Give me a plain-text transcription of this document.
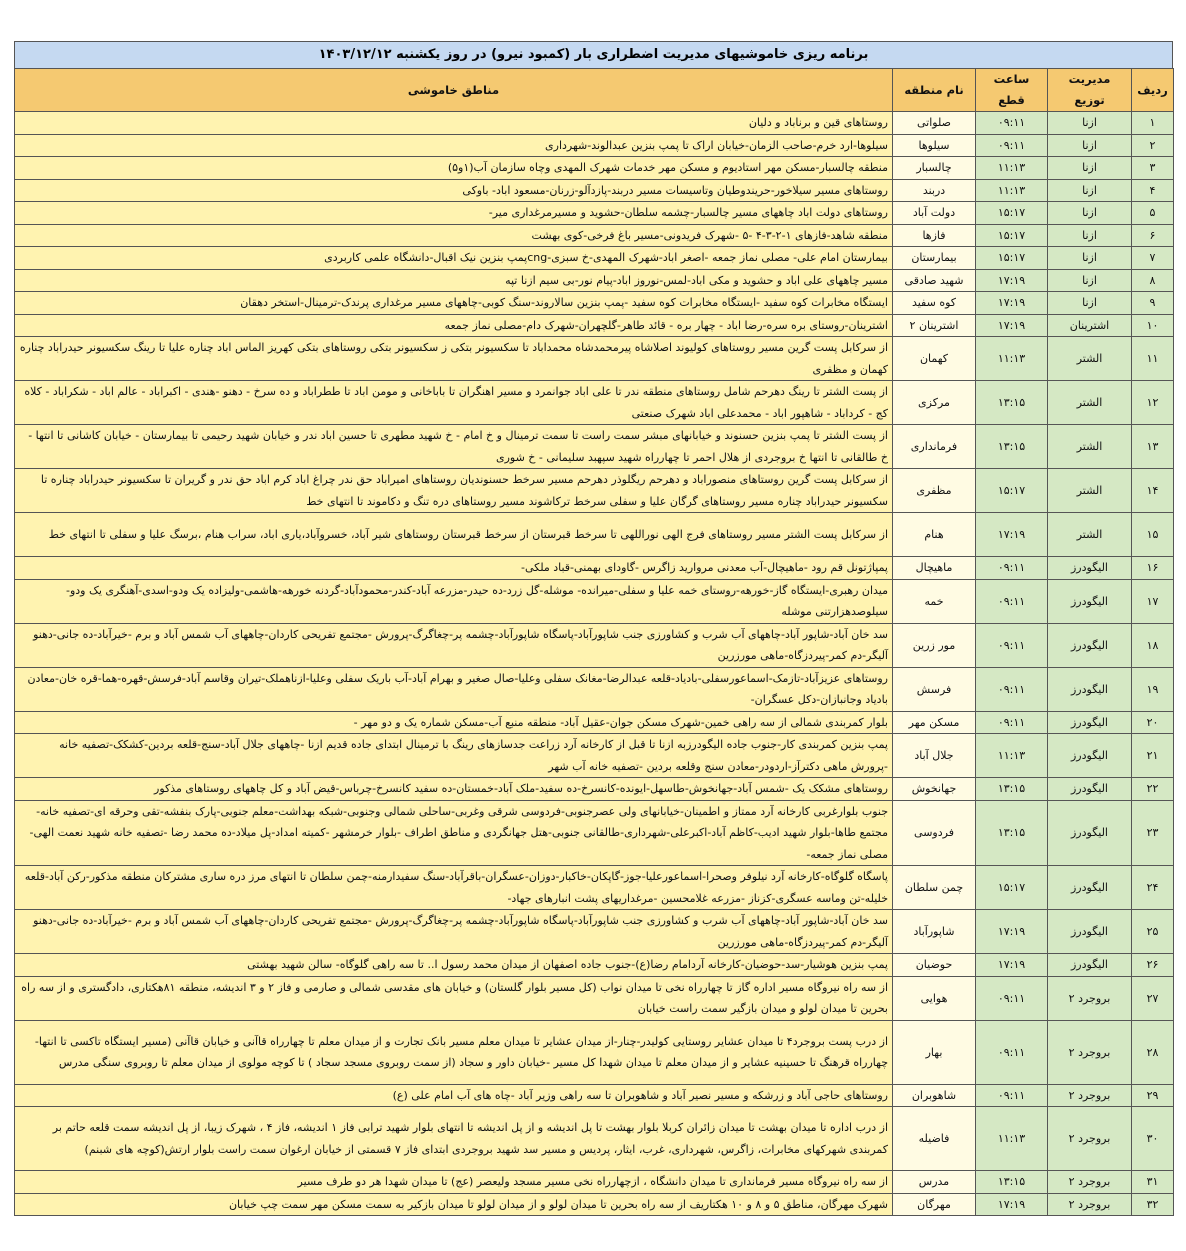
برنامه ریزی خاموشیهای مدیریت اضطراری بار (کمبود نیرو) در روز یکشنبه ۱۴۰۳/۱۲/۱۲
ردیف	مدیریت توزیع	ساعت قطع	نام منطقه	مناطق خاموشی
۱	ازنا	۰۹:۱۱	صلواتی	روستاهای قین و برناباد و دلیان
۲	ازنا	۰۹:۱۱	سیلوها	سیلوها-ارد خرم-صاحب الزمان-خیابان اراک تا پمپ بنزین عبدالوند-شهرداری
۳	ازنا	۱۱:۱۳	چالسبار	منطقه چالسبار-مسکن مهر استادیوم و مسکن مهر خدمات شهرک المهدی وچاه سازمان آب(۱و۵)
۴	ازنا	۱۱:۱۳	دربند	روستاهای مسیر سیلاخور-حریندوطیان وتاسیسات مسیر دربند-پازدآلو-زرنان-مسعود اباد- باوکی
۵	ازنا	۱۵:۱۷	دولت آباد	روستاهای دولت اباد چاههای مسیر چالسبار-چشمه سلطان-حشوید و مسیرمرغداری میر-
۶	ازنا	۱۵:۱۷	فازها	منطقه شاهد-فازهای ۱-۲-۳-۴ -۵ -شهرک فریدونی-مسیر باغ فرخی-کوی بهشت
۷	ازنا	۱۵:۱۷	بیمارستان	بیمارستان امام علی- مصلی نماز جمعه -اصغر اباد-شهرک المهدی-خ سبزی-cngپمپ بنزین نیک اقبال-دانشگاه علمی کاربردی
۸	ازنا	۱۷:۱۹	شهید صادقی	مسیر چاههای علی اباد و حشوید و مکی اباد-لمس-نوروز اباد-پیام نور-بی سیم ازنا تپه
۹	ازنا	۱۷:۱۹	کوه سفید	ایستگاه مخابرات کوه سفید -ایستگاه مخابرات کوه سفید -پمپ بنزین سالاروند-سنگ کوبی-چاههای مسیر مرغداری پرندک-ترمینال-استخر دهقان
۱۰	اشترینان	۱۷:۱۹	اشترینان ۲	اشترینان-روستای بره سره-رضا اباد - چهار بره - قائد طاهر-گلچهران-شهرک دام-مصلی نماز جمعه
۱۱	الشتر	۱۱:۱۳	کهمان	از سرکابل پست گرین مسیر روستاهای کولیوند اصلاشاه پیرمحمدشاه محمداباد تا سکسیونر بتکی ز سکسیونر بتکی روستاهای بتکی کهریز الماس اباد چناره علیا تا رینگ سکسیونر حیدراباد چناره کهمان و مظفری
۱۲	الشتر	۱۳:۱۵	مرکزی	از پست الشتر تا رینگ دهرحم شامل روستاهای منطقه ندر تا علی اباد جوانمرد و مسیر اهنگران تا باباخانی و مومن اباد تا ططراباد و ده سرخ - دهنو -هندی - اکبراباد - عالم اباد - شکراباد - کلاه کج - کرداباد - شاهپور اباد - محمدعلی اباد شهرک صنعتی
۱۳	الشتر	۱۳:۱۵	فرمانداری	از پست الشتر تا پمپ بنزین حسنوند و خیابانهای مبشر سمت راست تا سمت ترمینال و خ امام - خ شهید مطهری تا حسین اباد ندر و خیابان شهید رحیمی تا بیمارستان - خیابان کاشانی تا انتها - خ طالقانی تا انتها خ بروجردی از هلال احمر تا چهارراه شهید سپهبد سلیمانی - خ شوری
۱۴	الشتر	۱۵:۱۷	مظفری	از سرکابل پست گرین روستاهای منصوراباد و دهرحم ریگلوذر دهرحم مسیر سرخط حسنوندیان روستاهای امیراباد حق ندر چراغ اباد کرم اباد حق ندر و گریران تا سکسیونر حیدراباد چناره تا سکسیونر حیدراباد چناره مسیر روستاهای گرگان علیا و سفلی سرخط ترکاشوند مسیر روستاهای دره تنگ و دکاموند تا انتهای خط
۱۵	الشتر	۱۷:۱۹	هنام	از سرکابل پست الشتر مسیر روستاهای فرج الهی نوراللهی تا سرخط قبرستان از سرخط قبرستان روستاهای شیر آباد، خسروآباد،یاری اباد، سراب هنام ،برسگ علیا و سفلی تا انتهای خط
۱۶	الیگودرز	۰۹:۱۱	ماهیچال	پمپاژتونل قم رود -ماهیچال-آب معدنی مروارید زاگرس -گاودای بهمنی-قباد ملکی-
۱۷	الیگودرز	۰۹:۱۱	خمه	میدان رهبری-ایستگاه گاز-خورهه-روستای خمه علیا و سفلی-میرانده- موشله-گل زرد-ده حیدر-مزرعه آباد-کندر-محمودآباد-گردنه خورهه-هاشمی-ولیزاده یک ودو-اسدی-آهنگری یک ودو-سیلوصدهزارتنی موشله
۱۸	الیگودرز	۰۹:۱۱	مور زرین	سد خان آباد-شاپور آباد-چاههای آب شرب و کشاورزی جنب شاپورآباد-پاسگاه شاپورآباد-چشمه پر-چغاگرگ-پرورش -مجتمع تفریحی کاردان-چاههای آب شمس آباد و برم -خیرآباد-ده جانی-دهنو آلیگر-دم کمر-پیردزگاه-ماهی مورزرین
۱۹	الیگودرز	۰۹:۱۱	فرسش	روستاهای عزیزآباد-تازمک-اسماعورسفلی-بادیاد-قلعه عبدالرضا-مغانک سفلی وعلیا-صال صغیر و بهرام آباد-آب باریک سفلی وعلیا-ازناهملک-تیران وقاسم آباد-فرسش-قهره-هما-قره خان-معادن بادیاد وجانبازان-دکل عسگران-
۲۰	الیگودرز	۰۹:۱۱	مسکن مهر	بلوار کمربندی شمالی از سه راهی خمین-شهرک مسکن جوان-عقیل آباد- منطقه منبع آب-مسکن شماره یک و دو مهر -
۲۱	الیگودرز	۱۱:۱۳	جلال آباد	پمپ بنزین کمربندی کار-جنوب جاده الیگودرزبه ازنا تا قبل از کارخانه آرد زراعت جدسازهای رینگ با ترمینال ابتدای جاده قدیم ازنا -چاههای جلال آباد-سنج-قلعه بردین-کشکک-تصفیه خانه -پرورش ماهی دکترآز-اردودر-معادن سنج وقلعه بردین -تصفیه خانه آب شهر
۲۲	الیگودرز	۱۳:۱۵	جهانخوش	روستاهای مشکک یک -شمس آباد-جهانخوش-طاسهل-ایونده-کانسرخ-ده سفید-ملک آباد-خمستان-ده سفید کانسرخ-چرباس-قیض آباد و کل چاههای روستاهای مذکور
۲۳	الیگودرز	۱۳:۱۵	فردوسی	جنوب بلوارغربی کارخانه آرد ممتاز و اطمینان-خیابانهای ولی عصرجنوبی-فردوسی شرقی وغربی-ساحلی شمالی وجنوبی-شبکه بهداشت-معلم جنوبی-پارک بنفشه-تقی وحرقه ای-تصفیه خانه- مجتمع طاها-بلوار شهید ادیب-کاظم آباد-اکبرعلی-شهرداری-طالقانی جنوبی-هتل جهانگردی و مناطق اطراف -بلوار خرمشهر -کمیته امداد-پل میلاد-ده محمد رضا -تصفیه خانه شهید نعمت الهی-مصلی نماز جمعه-
۲۴	الیگودرز	۱۵:۱۷	چمن سلطان	پاسگاه گلوگاه-کارخانه آرد نیلوفر وصحرا-اسماعورعلیا-جوز-گاپکان-خاکبار-دوزان-عسگران-باقرآباد-سنگ سفیدارمنه-چمن سلطان تا انتهای مرز دره ساری مشترکان منطقه مذکور-رکن آباد-قلعه خلیله-تن وماسه عسگری-کزناز -مزرعه غلامحسین -مرغداریهای پشت انبارهای جهاد-
۲۵	الیگودرز	۱۷:۱۹	شاپورآباد	سد خان آباد-شاپور آباد-چاههای آب شرب و کشاورزی جنب شاپورآباد-پاسگاه شاپورآباد-چشمه پر-چغاگرگ-پرورش -مجتمع تفریحی کاردان-چاههای آب شمس آباد و برم -خیرآباد-ده جانی-دهنو آلیگر-دم کمر-پیردزگاه-ماهی مورزرین
۲۶	الیگودرز	۱۷:۱۹	حوضیان	پمپ بنزین هوشیار-سد-حوضیان-کارخانه آردامام رضا(ع)-جنوب جاده اصفهان از میدان محمد رسول ا.. تا سه راهی گلوگاه- سالن شهید بهشتی
۲۷	بروجرد ۲	۰۹:۱۱	هوایی	از سه راه نیروگاه مسیر اداره گاز تا چهارراه نخی تا میدان نواب (کل مسیر بلوار گلستان) و خیابان های مقدسی شمالی و صارمی و فاز ۲ و ۳ اندیشه، منطقه ۸۱هکتاری، دادگستری و از سه راه بحرین تا میدان لولو و میدان بازگیر سمت راست خیابان
۲۸	بروجرد ۲	۰۹:۱۱	بهار	از درب پست بروجرد۴ تا میدان عشایر روستایی کولیدر-چنار-از میدان عشایر تا میدان معلم مسیر بانک تجارت و از میدان معلم تا چهارراه قاآنی و خیابان قاآنی (مسیر ایستگاه تاکسی تا انتها-چهارراه قرهنگ تا حسینیه عشایر و از میدان معلم تا میدان شهدا کل مسیر -خیابان داور و سجاد (از سمت روبروی مسجد سجاد ) تا کوچه مولوی از میدان معلم تا روبروی سنگی مدرس
۲۹	بروجرد ۲	۰۹:۱۱	شاهوبران	روستاهای حاجی آباد و زرشکه و مسیر نصیر آباد و شاهوبران تا سه راهی وزیر آباد -چاه های آب امام علی (ع)
۳۰	بروجرد ۲	۱۱:۱۳	فاضیله	از درب اداره تا میدان بهشت تا میدان زائران کربلا بلوار بهشت تا پل اندیشه و از پل اندیشه تا انتهای بلوار شهید ترابی فاز ۱ اندیشه، فاز ۴ ، شهرک زیبا، از پل اندیشه سمت قلعه حاتم بر کمربندی شهرکهای مخابرات، زاگرس، شهرداری، غرب، ایثار، پردیس و مسیر سد شهید بروجردی ابتدای فاز ۷ قسمتی از خیابان ارغوان سمت راست بلوار ارتش(کوچه های شبنم)
۳۱	بروجرد ۲	۱۳:۱۵	مدرس	از سه راه نیروگاه مسیر فرمانداری تا میدان دانشگاه ، ازچهارراه نخی مسیر مسجد ولیعصر (عج) تا میدان شهدا هر دو طرف مسیر
۳۲	بروجرد ۲	۱۷:۱۹	مهرگان	شهرک مهرگان، مناطق ۵ و ۸ و ۱۰ هکتاریف از سه راه بحرین تا میدان لولو و از میدان لولو تا میدان بازکیر به سمت مسکن مهر سمت چپ خیابان
